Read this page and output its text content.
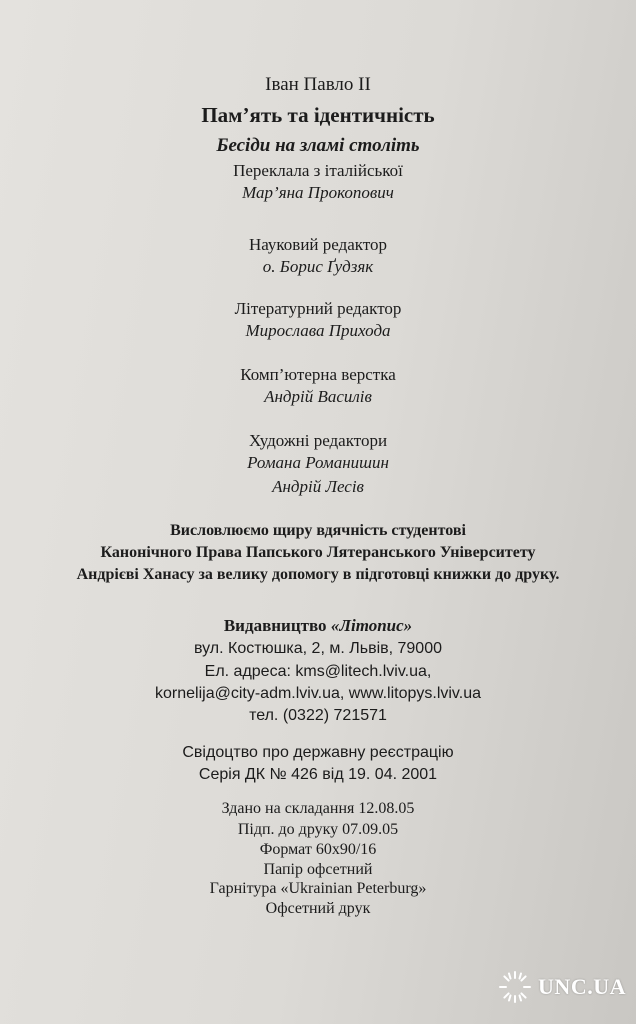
Іван Павло ІІ
Пам’ять та ідентичність
Бесіди на зламі століть
Переклала з італійської
Мар’яна Прокопович
Науковий редактор
о. Борис Ґудзяк
Літературний редактор
Мирослава Приходa
Комп’ютерна верстка
Андрій Василів
Художні редактори
Романа Романишин
Андрій Лесів
Висловлюємо щиру вдячність студентові
Канонічного Права Папського Лятеранського Університету
Андрієві Ханасу за велику допомогу в підготовці книжки до друку.
Видавництво «Літопис»
вул. Костюшка, 2, м. Львів, 79000
Ел. адреса: kms@litech.lviv.ua,
kornelija@city-adm.lviv.ua, www.litopys.lviv.ua
тел. (0322) 721571
Свідоцтво про державну реєстрацію
Серія ДК № 426 від 19. 04. 2001
Здано на складання 12.08.05
Підп. до друку 07.09.05
Формат 60x90/16
Папір офсетний
Гарнітура «Ukrainian Peterburg»
Офсетний друк
UNC.UA
